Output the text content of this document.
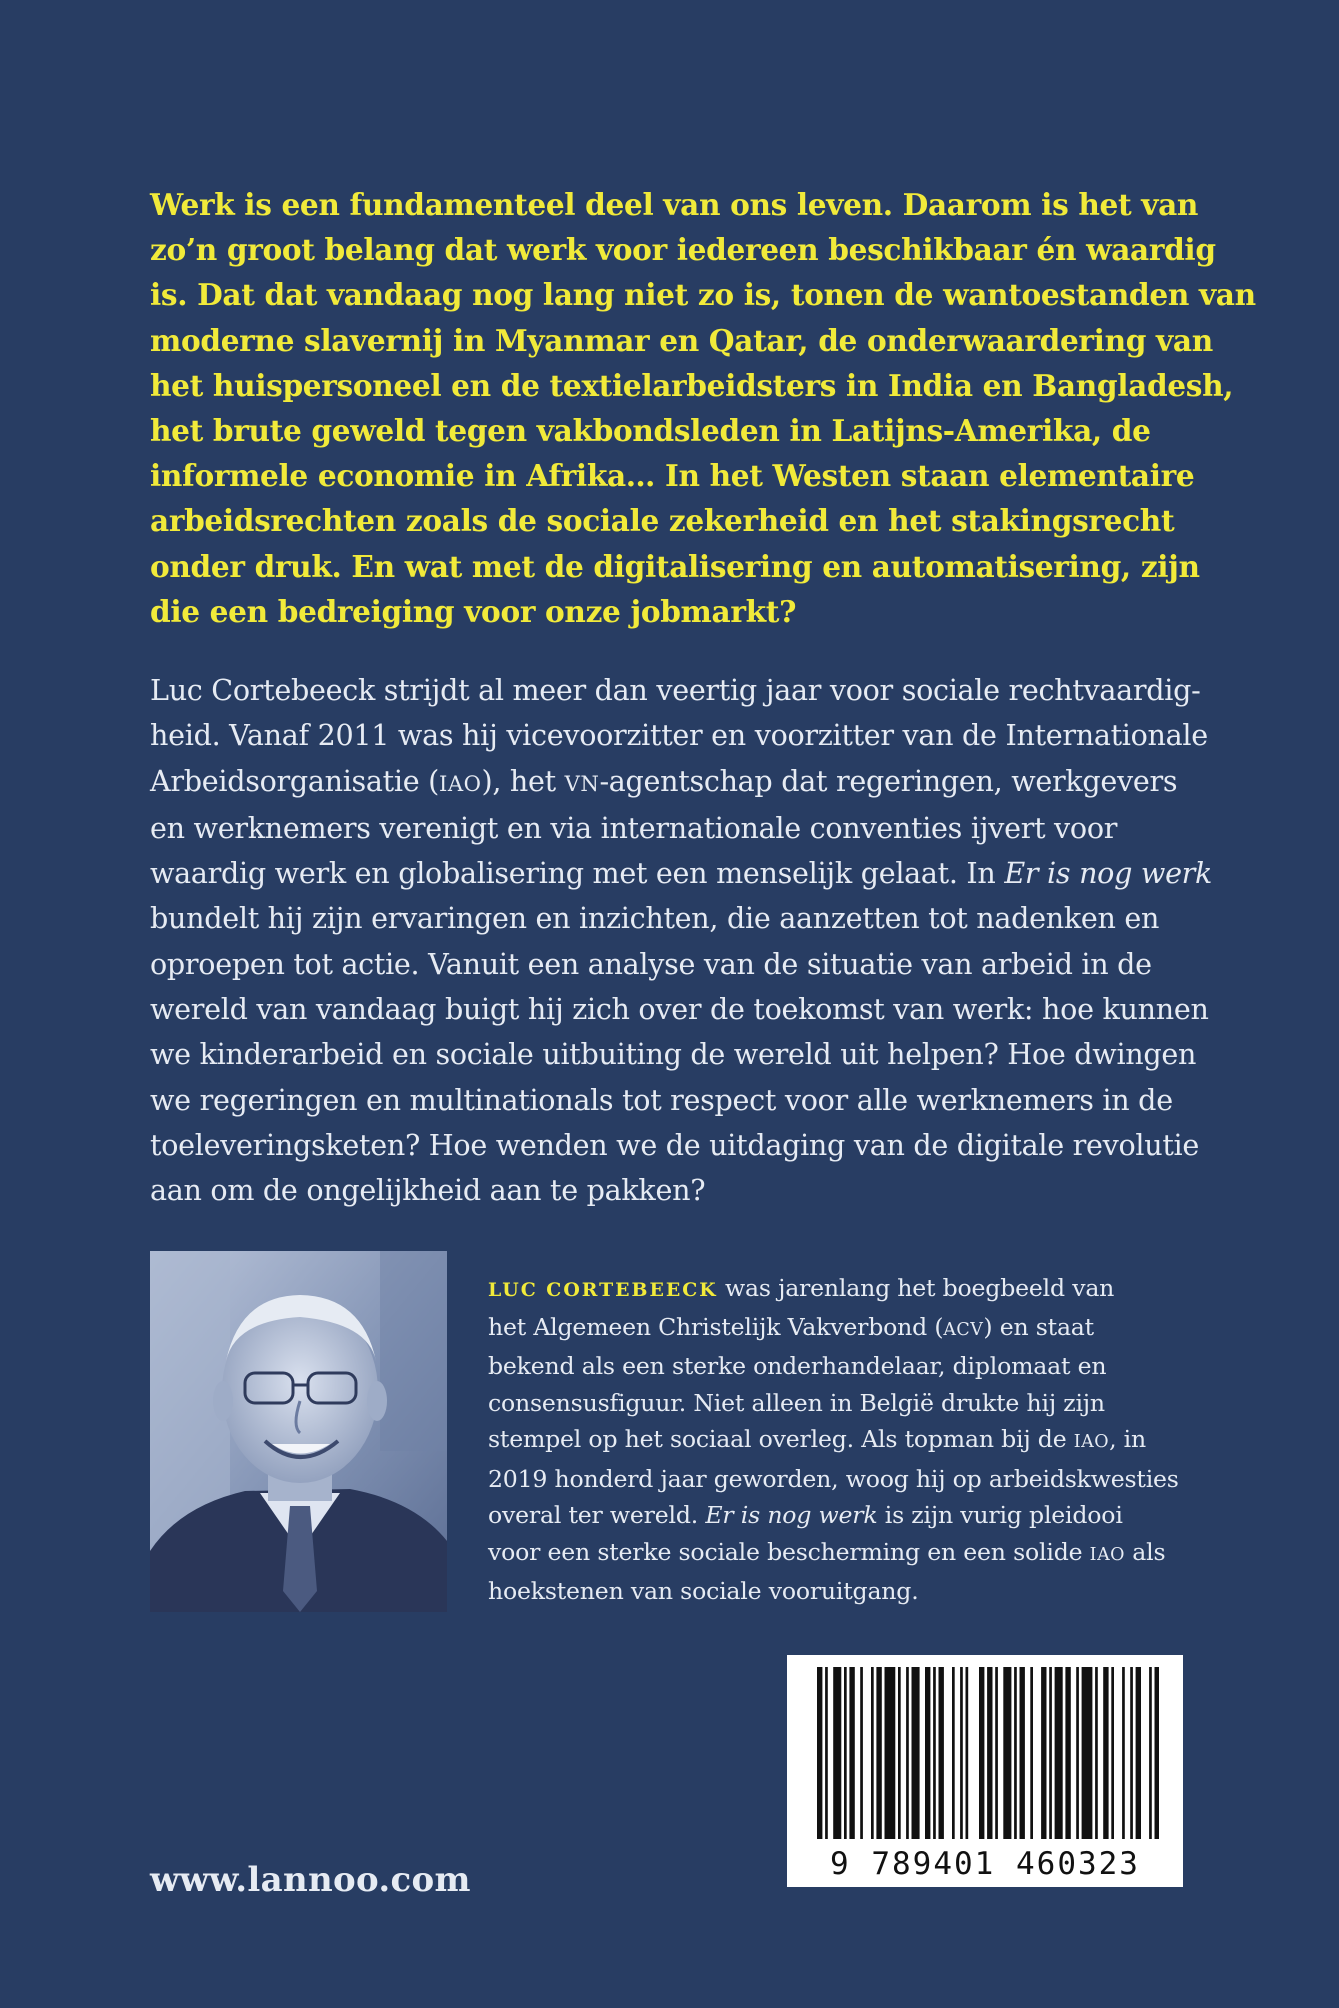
Werk is een fundamenteel deel van ons leven. Daarom is het van
zo’n groot belang dat werk voor iedereen beschikbaar én waardig
is. Dat dat vandaag nog lang niet zo is, tonen de wantoestanden van
moderne slavernij in Myanmar en Qatar, de onderwaardering van
het huispersoneel en de textielarbeidsters in India en Bangladesh,
het brute geweld tegen vakbondsleden in Latijns-Amerika, de
informele economie in Afrika… In het Westen staan elementaire
arbeidsrechten zoals de sociale zekerheid en het stakingsrecht
onder druk. En wat met de digitalisering en automatisering, zijn
die een bedreiging voor onze jobmarkt?
Luc Cortebeeck strijdt al meer dan veertig jaar voor sociale rechtvaardig-
heid. Vanaf 2011 was hij vicevoorzitter en voorzitter van de Internationale
Arbeidsorganisatie (IAO), het VN-agentschap dat regeringen, werkgevers
en werknemers verenigt en via internationale conventies ijvert voor
waardig werk en globalisering met een menselijk gelaat. In Er is nog werk
bundelt hij zijn ervaringen en inzichten, die aanzetten tot nadenken en
oproepen tot actie. Vanuit een analyse van de situatie van arbeid in de
wereld van vandaag buigt hij zich over de toekomst van werk: hoe kunnen
we kinderarbeid en sociale uitbuiting de wereld uit helpen? Hoe dwingen
we regeringen en multinationals tot respect voor alle werknemers in de
toeleveringsketen? Hoe wenden we de uitdaging van de digitale revolutie
aan om de ongelijkheid aan te pakken?
LUC CORTEBEECK was jarenlang het boegbeeld van
het Algemeen Christelijk Vakverbond (ACV) en staat
bekend als een sterke onderhandelaar, diplomaat en
consensusfiguur. Niet alleen in België drukte hij zijn
stempel op het sociaal overleg. Als topman bij de IAO, in
2019 honderd jaar geworden, woog hij op arbeidskwesties
overal ter wereld. Er is nog werk is zijn vurig pleidooi
voor een sterke sociale bescherming en een solide IAO als
hoekstenen van sociale vooruitgang.
www.lannoo.com	9 789401 460323
